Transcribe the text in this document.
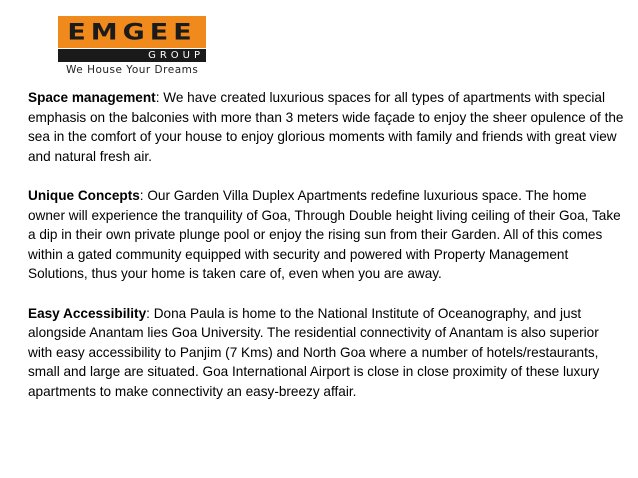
EMGEE
GROUP
We House Your Dreams

Space management: We have created luxurious spaces for all types of apartments with special emphasis on the balconies with more than 3 meters wide façade to enjoy the sheer opulence of the sea in the comfort of your house to enjoy glorious moments with family and friends with great view and natural fresh air.

Unique Concepts: Our Garden Villa Duplex Apartments redefine luxurious space. The home owner will experience the tranquility of Goa, Through Double height living ceiling of their Goa, Take a dip in their own private plunge pool or enjoy the rising sun from their Garden. All of this comes within a gated community equipped with security and powered with Property Management Solutions, thus your home is taken care of, even when you are away.

Easy Accessibility: Dona Paula is home to the National Institute of Oceanography, and just alongside Anantam lies Goa University. The residential connectivity of Anantam is also superior with easy accessibility to Panjim (7 Kms) and North Goa where a number of hotels/restaurants, small and large are situated. Goa International Airport is close in close proximity of these luxury apartments to make connectivity an easy-breezy affair.
